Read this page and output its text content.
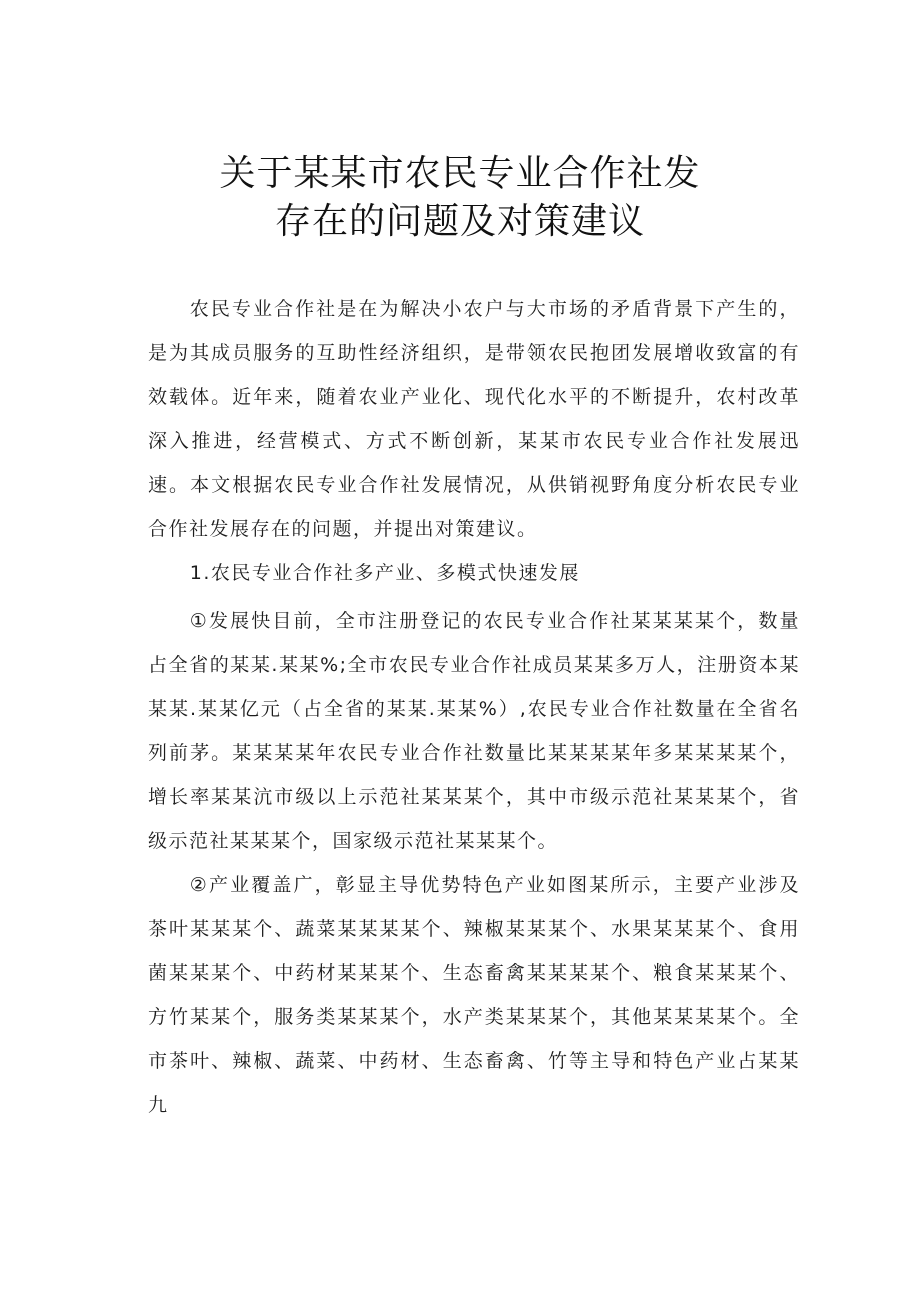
关于某某市农民专业合作社发
存在的问题及对策建议

农民专业合作社是在为解决小农户与大市场的矛盾背景下产生的，是为其成员服务的互助性经济组织，是带领农民抱团发展增收致富的有效载体。近年来，随着农业产业化、现代化水平的不断提升，农村改革深入推进，经营模式、方式不断创新，某某市农民专业合作社发展迅速。本文根据农民专业合作社发展情况，从供销视野角度分析农民专业合作社发展存在的问题，并提出对策建议。

1.农民专业合作社多产业、多模式快速发展

①发展快目前，全市注册登记的农民专业合作社某某某某个，数量占全省的某某.某某%;全市农民专业合作社成员某某多万人，注册资本某某某.某某亿元（占全省的某某.某某%）,农民专业合作社数量在全省名列前茅。某某某某年农民专业合作社数量比某某某某年多某某某某个，增长率某某沆市级以上示范社某某某个，其中市级示范社某某某个，省级示范社某某某个，国家级示范社某某某个。

②产业覆盖广，彰显主导优势特色产业如图某所示，主要产业涉及茶叶某某某个、蔬菜某某某某个、辣椒某某某个、水果某某某个、食用菌某某某个、中药材某某某个、生态畜禽某某某某个、粮食某某某个、方竹某某个，服务类某某某个，水产类某某某个，其他某某某某个。全市茶叶、辣椒、蔬菜、中药材、生态畜禽、竹等主导和特色产业占某某九
